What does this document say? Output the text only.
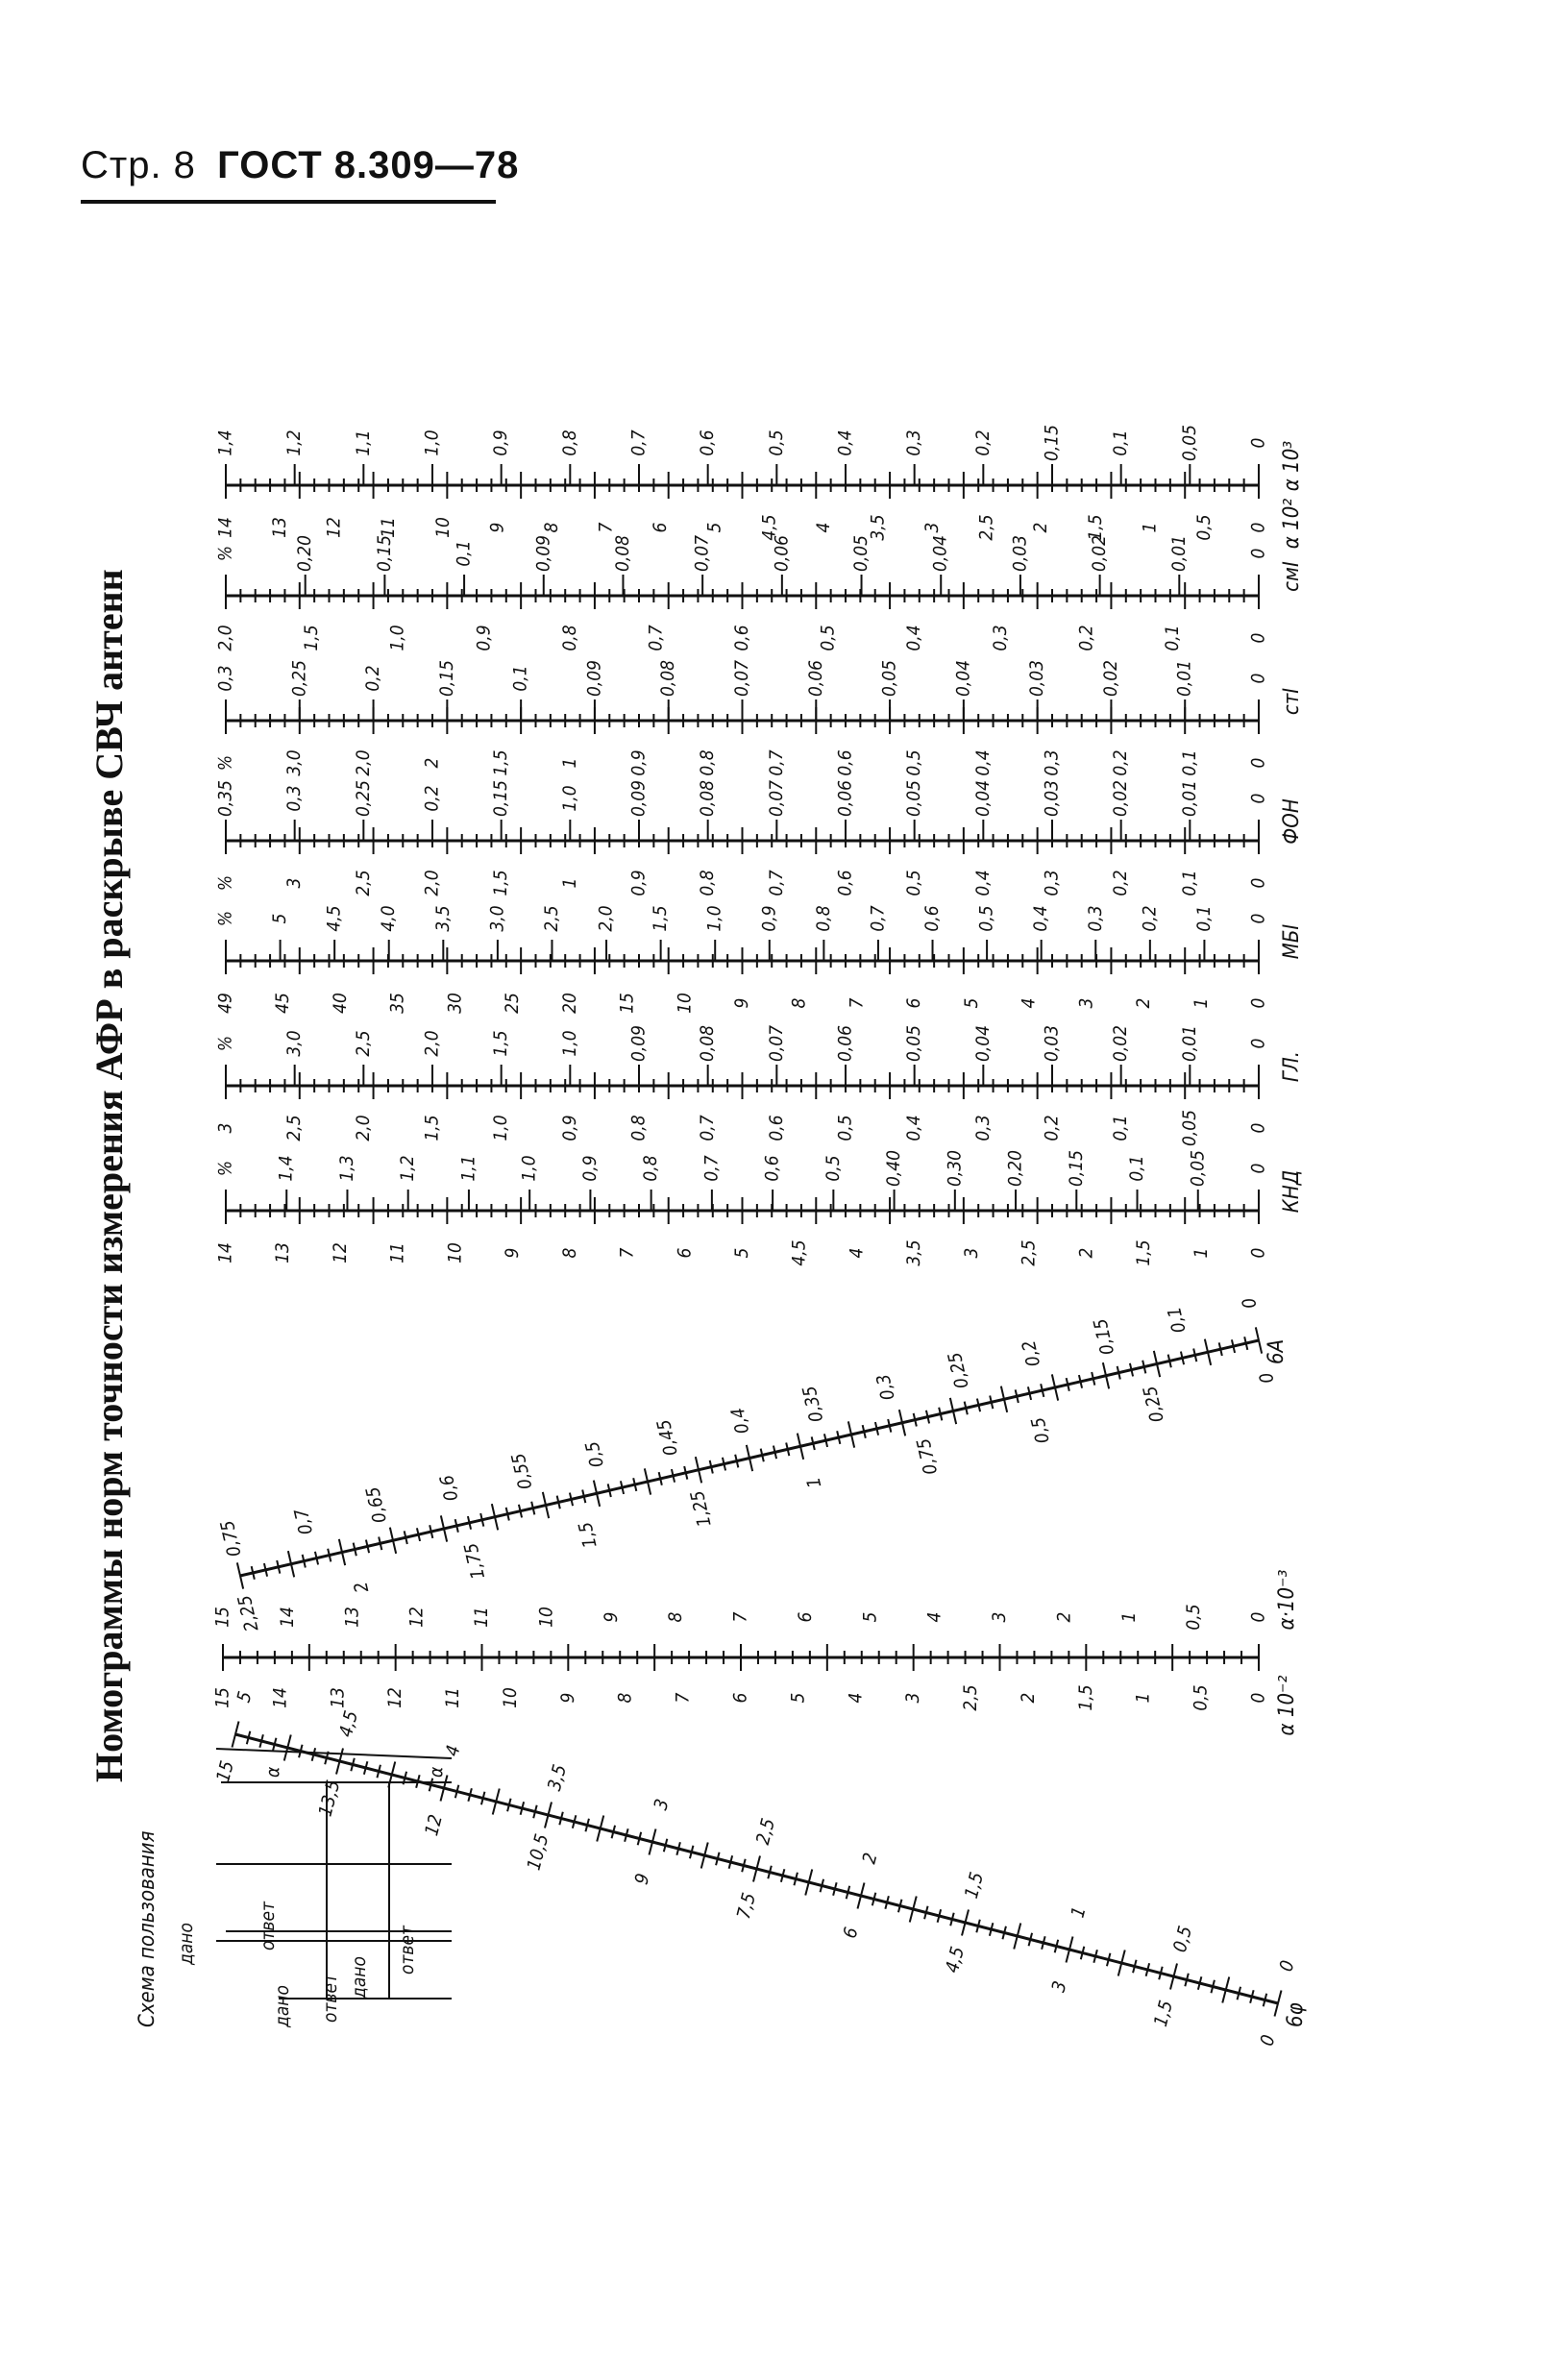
Стр. 8 ГОСТ 8.309—78
Номограммы норм точности измерения АФР в раскрыве СВЧ антенн	% 1,4 1,3 1,2 1,1 1,0 0,9 0,8 0,7 0,6 0,5 0,40 0,30 0,20 0,15 0,1 0,05 0
14 13 12 11 10 9 8 7 6 5 4,5 4 3,5 3 2,5 2 1,5 1 0
КНД
%	3,0	2,5	2,0	1,5	1,0	0,09	0,08	0,07	0,06	0,05	0,04	0,03	0,02	0,01	0
3	2,5	2,0	1,5	1,0	0,9	0,8	0,7	0,6	0,5	0,4	0,3	0,2	0,1	0,05	0
ГЛ.
% 5 4,5 4,0 3,5 3,0 2,5 2,0 1,5 1,0 0,9 0,8 0,7 0,6 0,5 0,4 0,3 0,2 0,1 0
49 45 40 35 30 25 20 15 10 9 8 7 6 5 4 3 2 1 0
МБI
0,35	0,3	0,25	0,2	0,15	1,0	0,09	0,08	0,07	0,06	0,05	0,04	0,03	0,02	0,01	0
%	3	2,5	2,0	1,5	1	0,9	0,8	0,7	0,6	0,5	0,4	0,3	0,2	0,1	0
ФОН
0,3	0,25	0,2	0,15	0,1	0,09	0,08	0,07	0,06	0,05	0,04	0,03	0,02	0,01	0
%	3,0	2,0	2	1,5	1	0,9	0,8	0,7	0,6	0,5	0,4	0,3	0,2	0,1	0
стI
%	0,20	0,15	0,1	0,09	0,08	0,07	0,06	0,05	0,04	0,03	0,02	0,01	0
2,0	1,5	1,0	0,9	0,8	0,7	0,6	0,5	0,4	0,3	0,2	0,1	0
смI
1,4	1,2	1,1	1,0	0,9	0,8	0,7	0,6	0,5	0,4	0,3	0,2	0,15	0,1	0,05	0
14 13 12 11 10 9 8 7 6 5 4,5 4 3,5 3 2,5 2 1,5 1 0,5 0
α 10³
α 10²
15 14 13 12 11 10 9 8 7 6 5 4 3 2 1 0,5 0
15 14 13 12 11 10 9 8 7 6 5 4 3 2,5 2 1,5 1 0,5 0
α·10⁻³
α 10⁻²
0,75 0,7 0,65 0,6 0,55 0,5 0,45 0,4 0,35 0,3 0,25 0,2 0,15 0,1
0
2,25
2
1,75
1,5
1,25
1
0,75
0,5
0,25
0
6А
5
4,5
4
3,5
3
2,5
2
1,5
1
0,5
0
15
13,5
12
10,5
9
7,5
6
4,5
3
1,5
0
6φ
Схема пользования дано	ответ
дано ответ дано
ответ
α	α
